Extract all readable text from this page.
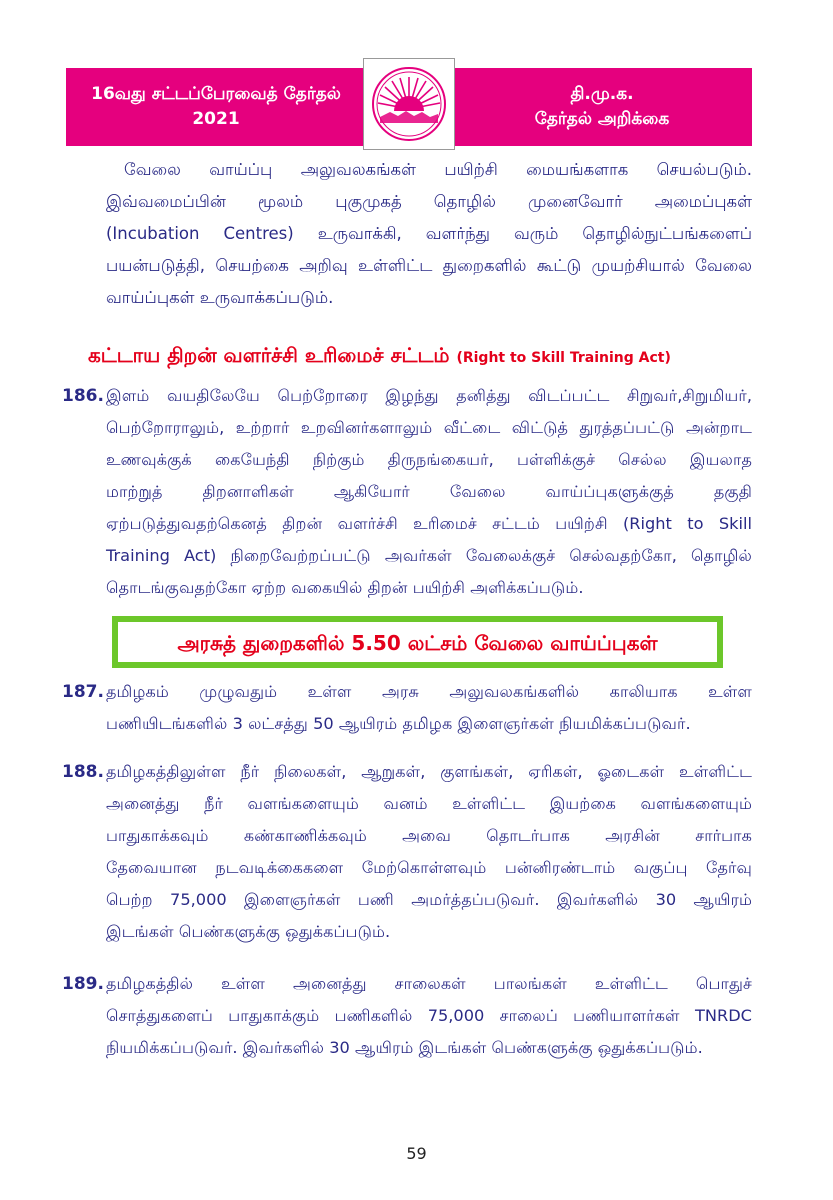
16வது சட்டப்பேரவைத் தேர்தல்
2021
தி.மு.க.
தேர்தல் அறிக்கை
வேலை வாய்ப்பு அலுவலகங்கள் பயிற்சி மையங்களாக செயல்படும்.
இவ்வமைப்பின் மூலம் புகுமுகத் தொழில் முனைவோர் அமைப்புகள்
(Incubation Centres) உருவாக்கி, வளர்ந்து வரும் தொழில்நுட்பங்களைப்
பயன்படுத்தி, செயற்கை அறிவு உள்ளிட்ட துறைகளில் கூட்டு முயற்சியால் வேலை
வாய்ப்புகள் உருவாக்கப்படும்.
கட்டாய திறன் வளர்ச்சி உரிமைச் சட்டம் (Right to Skill Training Act)
186. இளம் வயதிலேயே பெற்றோரை இழந்து தனித்து விடப்பட்ட சிறுவர்,சிறுமியர்,
பெற்றோராலும், உற்றார் உறவினர்களாலும் வீட்டை விட்டுத் துரத்தப்பட்டு அன்றாட
உணவுக்குக் கையேந்தி நிற்கும் திருநங்கையர், பள்ளிக்குச் செல்ல இயலாத
மாற்றுத் திறனாளிகள் ஆகியோர் வேலை வாய்ப்புகளுக்குத் தகுதி
ஏற்படுத்துவதற்கெனத் திறன் வளர்ச்சி உரிமைச் சட்டம் பயிற்சி (Right to Skill
Training Act) நிறைவேற்றப்பட்டு அவர்கள் வேலைக்குச் செல்வதற்கோ, தொழில்
தொடங்குவதற்கோ ஏற்ற வகையில் திறன் பயிற்சி அளிக்கப்படும்.
அரசுத் துறைகளில் 5.50 லட்சம் வேலை வாய்ப்புகள்
187. தமிழகம் முழுவதும் உள்ள அரசு அலுவலகங்களில் காலியாக உள்ள
பணியிடங்களில் 3 லட்சத்து 50 ஆயிரம் தமிழக இளைஞர்கள் நியமிக்கப்படுவர்.
188. தமிழகத்திலுள்ள நீர் நிலைகள், ஆறுகள், குளங்கள், ஏரிகள், ஓடைகள் உள்ளிட்ட
அனைத்து நீர் வளங்களையும் வனம் உள்ளிட்ட இயற்கை வளங்களையும்
பாதுகாக்கவும் கண்காணிக்கவும் அவை தொடர்பாக அரசின் சார்பாக
தேவையான நடவடிக்கைகளை மேற்கொள்ளவும் பன்னிரண்டாம் வகுப்பு தேர்வு
பெற்ற 75,000 இளைஞர்கள் பணி அமர்த்தப்படுவர். இவர்களில் 30 ஆயிரம்
இடங்கள் பெண்களுக்கு ஒதுக்கப்படும்.
189. தமிழகத்தில் உள்ள அனைத்து சாலைகள் பாலங்கள் உள்ளிட்ட பொதுச்
சொத்துகளைப் பாதுகாக்கும் பணிகளில் 75,000 சாலைப் பணியாளர்கள் TNRDC
நியமிக்கப்படுவர். இவர்களில் 30 ஆயிரம் இடங்கள் பெண்களுக்கு ஒதுக்கப்படும்.
59
